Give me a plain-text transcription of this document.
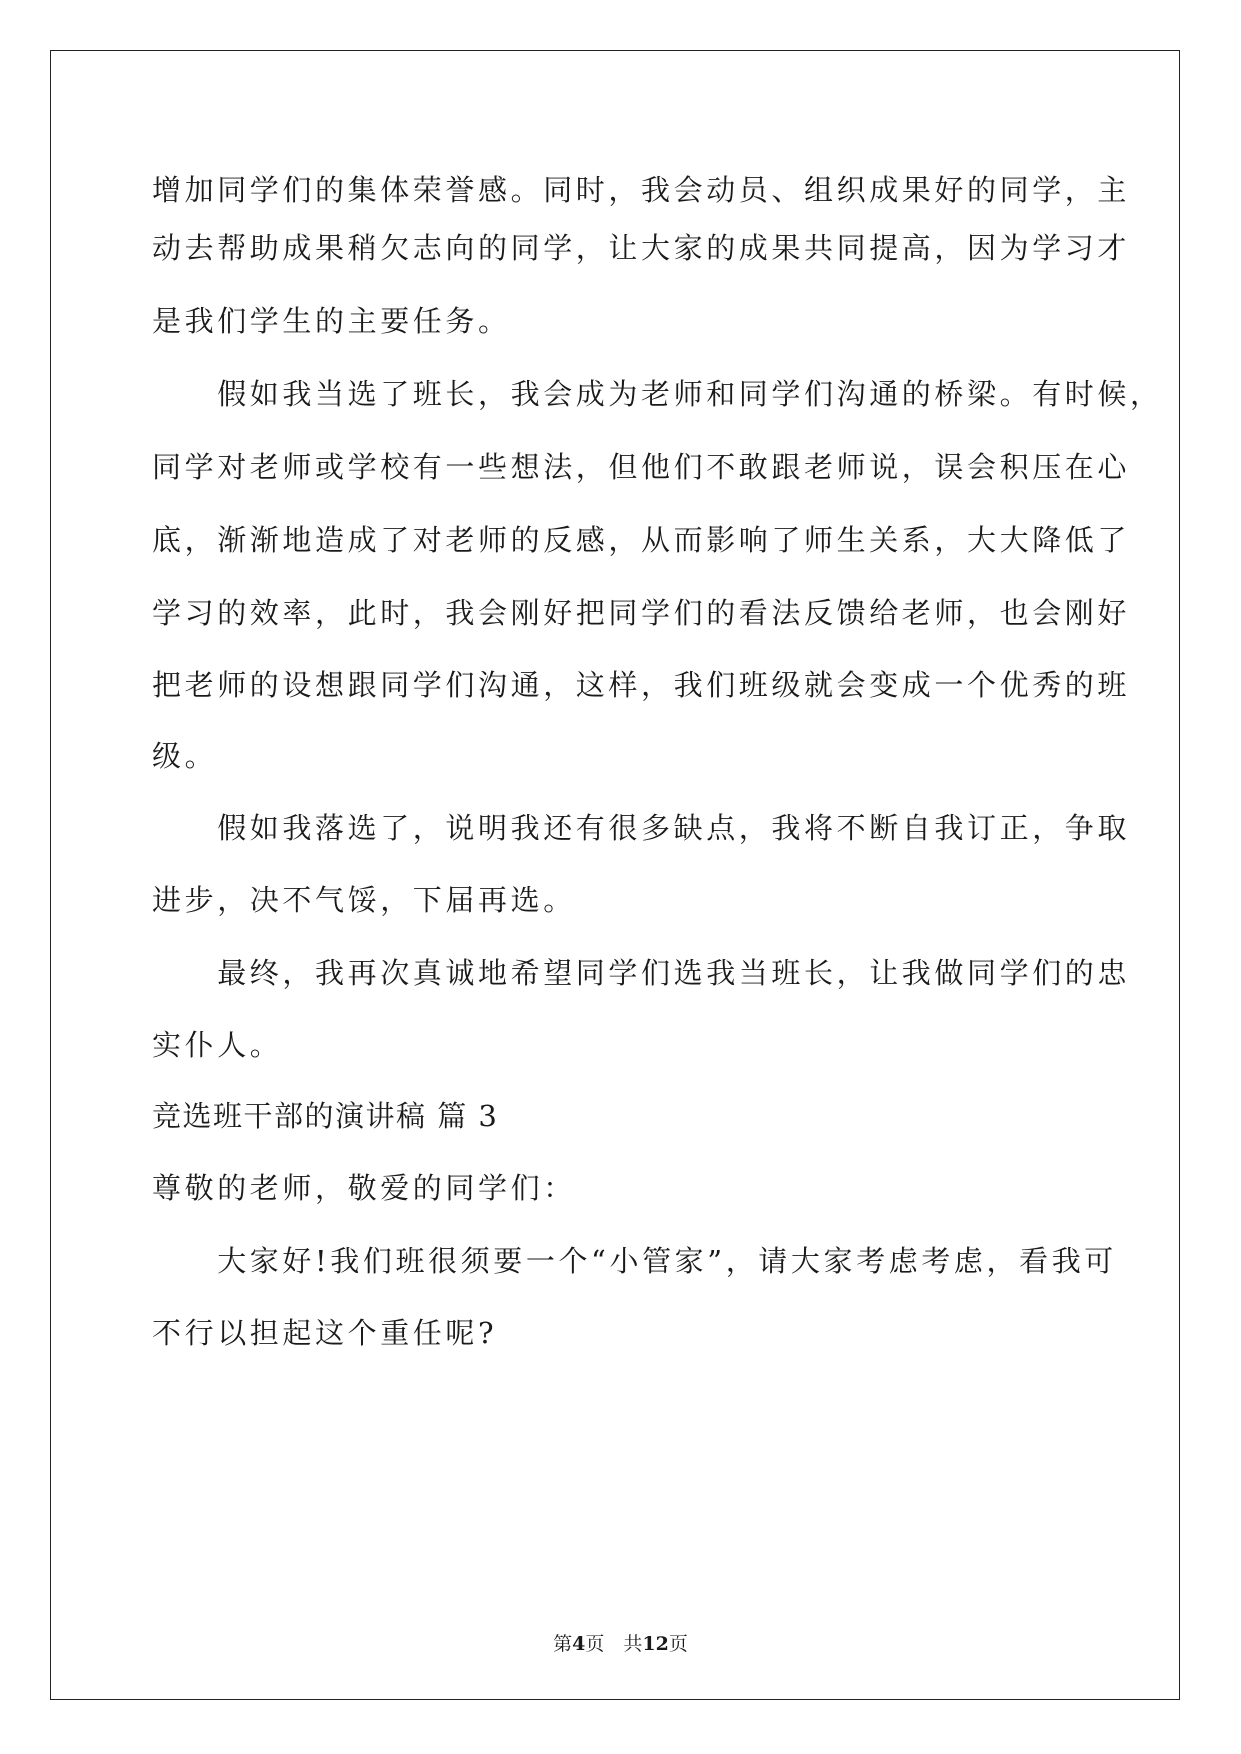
增加同学们的集体荣誉感。同时，我会动员、组织成果好的同学，主
动去帮助成果稍欠志向的同学，让大家的成果共同提高，因为学习才
是我们学生的主要任务。
　　假如我当选了班长，我会成为老师和同学们沟通的桥梁。有时候，
同学对老师或学校有一些想法，但他们不敢跟老师说，误会积压在心
底，渐渐地造成了对老师的反感，从而影响了师生关系，大大降低了
学习的效率，此时，我会刚好把同学们的看法反馈给老师，也会刚好
把老师的设想跟同学们沟通，这样，我们班级就会变成一个优秀的班
级。
　　假如我落选了，说明我还有很多缺点，我将不断自我订正，争取
进步，决不气馁，下届再选。
　　最终，我再次真诚地希望同学们选我当班长，让我做同学们的忠
实仆人。
竞选班干部的演讲稿 篇 3
尊敬的老师，敬爱的同学们：
　　大家好!我们班很须要一个“小管家”，请大家考虑考虑，看我可
不行以担起这个重任呢?
第4页　共12页
